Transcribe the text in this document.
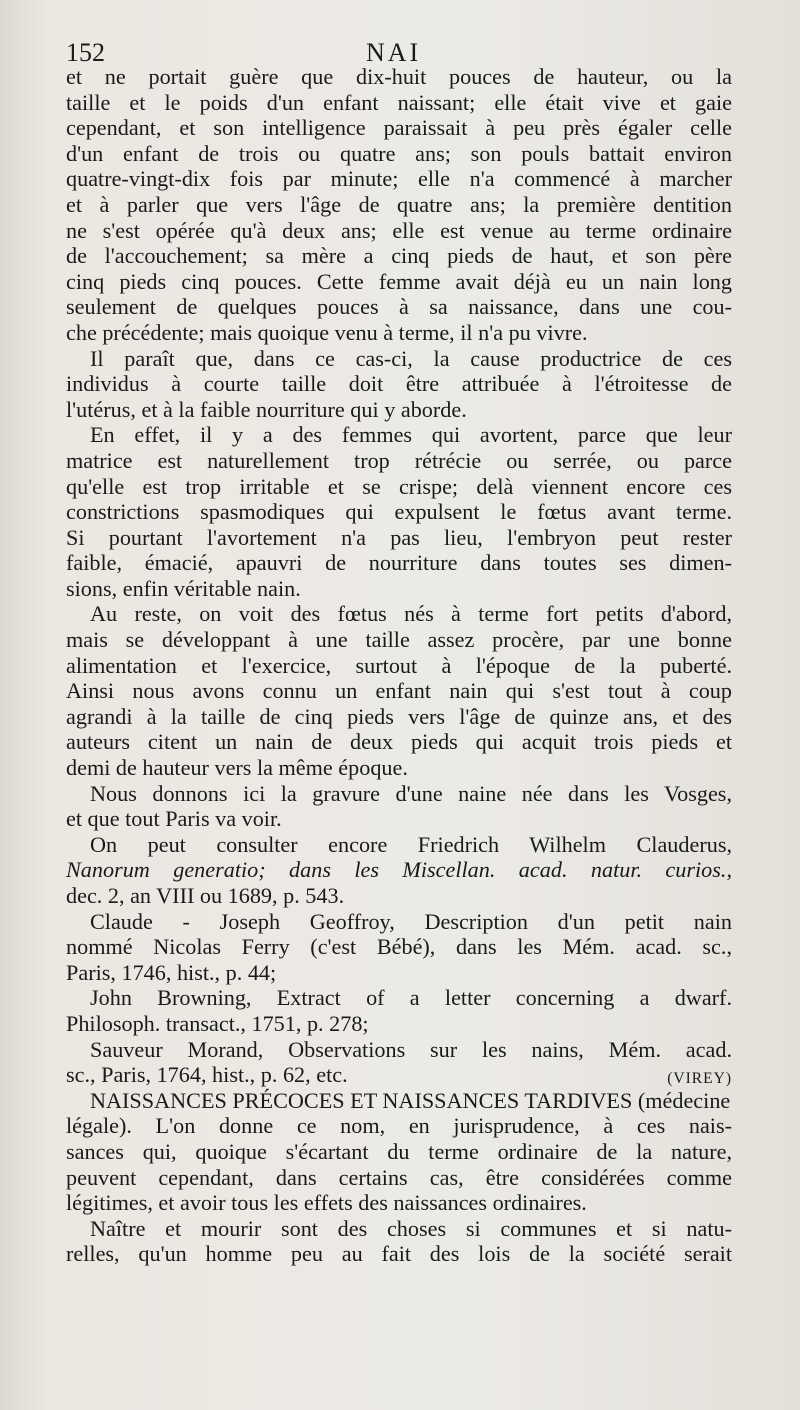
152	NAI
et ne portait guère que dix-huit pouces de hauteur, ou la
taille et le poids d'un enfant naissant; elle était vive et gaie
cependant, et son intelligence paraissait à peu près égaler celle
d'un enfant de trois ou quatre ans; son pouls battait environ
quatre-vingt-dix fois par minute; elle n'a commencé à marcher
et à parler que vers l'âge de quatre ans; la première dentition
ne s'est opérée qu'à deux ans; elle est venue au terme ordinaire
de l'accouchement; sa mère a cinq pieds de haut, et son père
cinq pieds cinq pouces. Cette femme avait déjà eu un nain long
seulement de quelques pouces à sa naissance, dans une cou-
che précédente; mais quoique venu à terme, il n'a pu vivre.
Il paraît que, dans ce cas-ci, la cause productrice de ces
individus à courte taille doit être attribuée à l'étroitesse de
l'utérus, et à la faible nourriture qui y aborde.
En effet, il y a des femmes qui avortent, parce que leur
matrice est naturellement trop rétrécie ou serrée, ou parce
qu'elle est trop irritable et se crispe; delà viennent encore ces
constrictions spasmodiques qui expulsent le fœtus avant terme.
Si pourtant l'avortement n'a pas lieu, l'embryon peut rester
faible, émacié, apauvri de nourriture dans toutes ses dimen-
sions, enfin véritable nain.
Au reste, on voit des fœtus nés à terme fort petits d'abord,
mais se développant à une taille assez procère, par une bonne
alimentation et l'exercice, surtout à l'époque de la puberté.
Ainsi nous avons connu un enfant nain qui s'est tout à coup
agrandi à la taille de cinq pieds vers l'âge de quinze ans, et des
auteurs citent un nain de deux pieds qui acquit trois pieds et
demi de hauteur vers la même époque.
Nous donnons ici la gravure d'une naine née dans les Vosges,
et que tout Paris va voir.
On peut consulter encore Friedrich Wilhelm Clauderus,
Nanorum generatio; dans les Miscellan. acad. natur. curios.,
dec. 2, an VIII ou 1689, p. 543.
Claude - Joseph Geoffroy, Description d'un petit nain
nommé Nicolas Ferry (c'est Bébé), dans les Mém. acad. sc.,
Paris, 1746, hist., p. 44;
John Browning, Extract of a letter concerning a dwarf.
Philosoph. transact., 1751, p. 278;
Sauveur Morand, Observations sur les nains, Mém. acad.
sc., Paris, 1764, hist., p. 62, etc.	(VIREY)
NAISSANCES PRÉCOCES ET NAISSANCES TARDIVES (médecine
légale). L'on donne ce nom, en jurisprudence, à ces nais-
sances qui, quoique s'écartant du terme ordinaire de la nature,
peuvent cependant, dans certains cas, être considérées comme
légitimes, et avoir tous les effets des naissances ordinaires.
Naître et mourir sont des choses si communes et si natu-
relles, qu'un homme peu au fait des lois de la société serait
